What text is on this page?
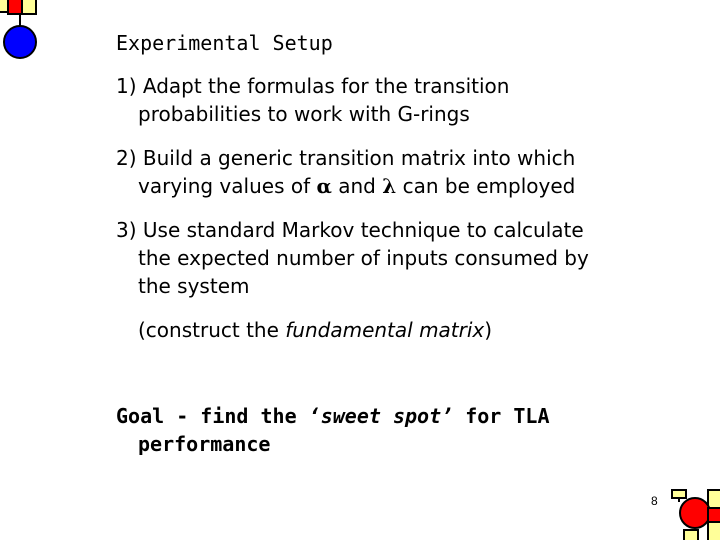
Experimental Setup
1) Adapt the formulas for the transition
probabilities to work with G-rings
2) Build a generic transition matrix into which
varying values of α and λ can be employed
3) Use standard Markov technique to calculate
the expected number of inputs consumed by
the system
(construct the fundamental matrix)
Goal - find the ‘sweet spot’ for TLA
performance
8
